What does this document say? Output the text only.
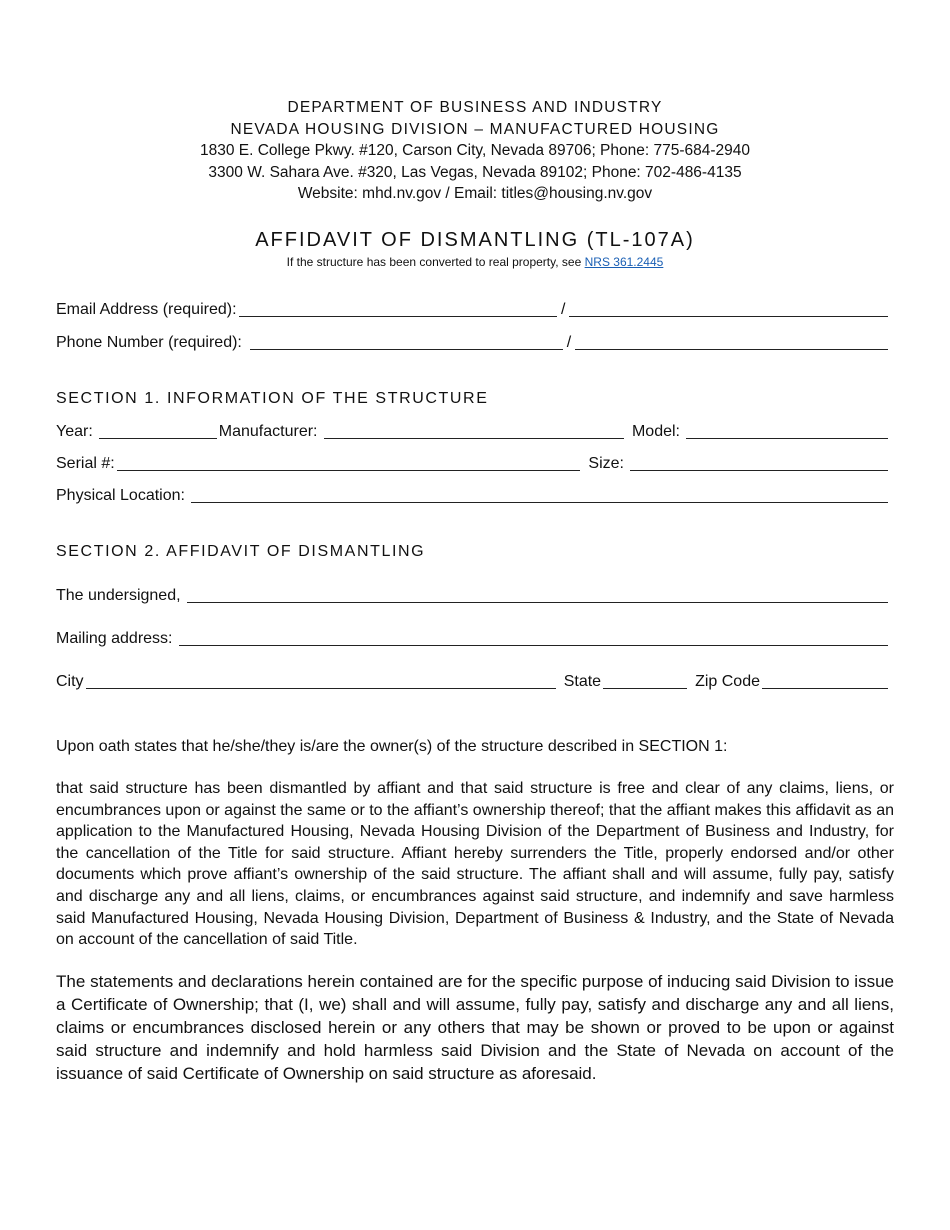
DEPARTMENT OF BUSINESS AND INDUSTRY
NEVADA HOUSING DIVISION – MANUFACTURED HOUSING
1830 E. College Pkwy. #120, Carson City, Nevada 89706; Phone: 775-684-2940
3300 W. Sahara Ave. #320, Las Vegas, Nevada 89102; Phone: 702-486-4135
Website: mhd.nv.gov / Email: titles@housing.nv.gov
AFFIDAVIT OF DISMANTLING (TL-107A)
If the structure has been converted to real property, see NRS 361.2445
Email Address (required):	/
Phone Number (required):	/
SECTION 1. INFORMATION OF THE STRUCTURE
Year:	Manufacturer:	Model:
Serial #:	Size:
Physical Location:
SECTION 2. AFFIDAVIT OF DISMANTLING
The undersigned,
Mailing address:
City	State	Zip Code
Upon oath states that he/she/they is/are the owner(s) of the structure described in SECTION 1:
that said structure has been dismantled by affiant and that said structure is free and clear of any claims, liens, or encumbrances upon or against the same or to the affiant’s ownership thereof; that the affiant makes this affidavit as an application to the Manufactured Housing, Nevada Housing Division of the Department of Business and Industry, for the cancellation of the Title for said structure. Affiant hereby surrenders the Title, properly endorsed and/or other documents which prove affiant’s ownership of the said structure. The affiant shall and will assume, fully pay, satisfy and discharge any and all liens, claims, or encumbrances against said structure, and indemnify and save harmless said Manufactured Housing, Nevada Housing Division, Department of Business & Industry, and the State of Nevada on account of the cancellation of said Title.
The statements and declarations herein contained are for the specific purpose of inducing said Division to issue a Certificate of Ownership; that (I, we) shall and will assume, fully pay, satisfy and discharge any and all liens, claims or encumbrances disclosed herein or any others that may be shown or proved to be upon or against said structure and indemnify and hold harmless said Division and the State of Nevada on account of the issuance of said Certificate of Ownership on said structure as aforesaid.
